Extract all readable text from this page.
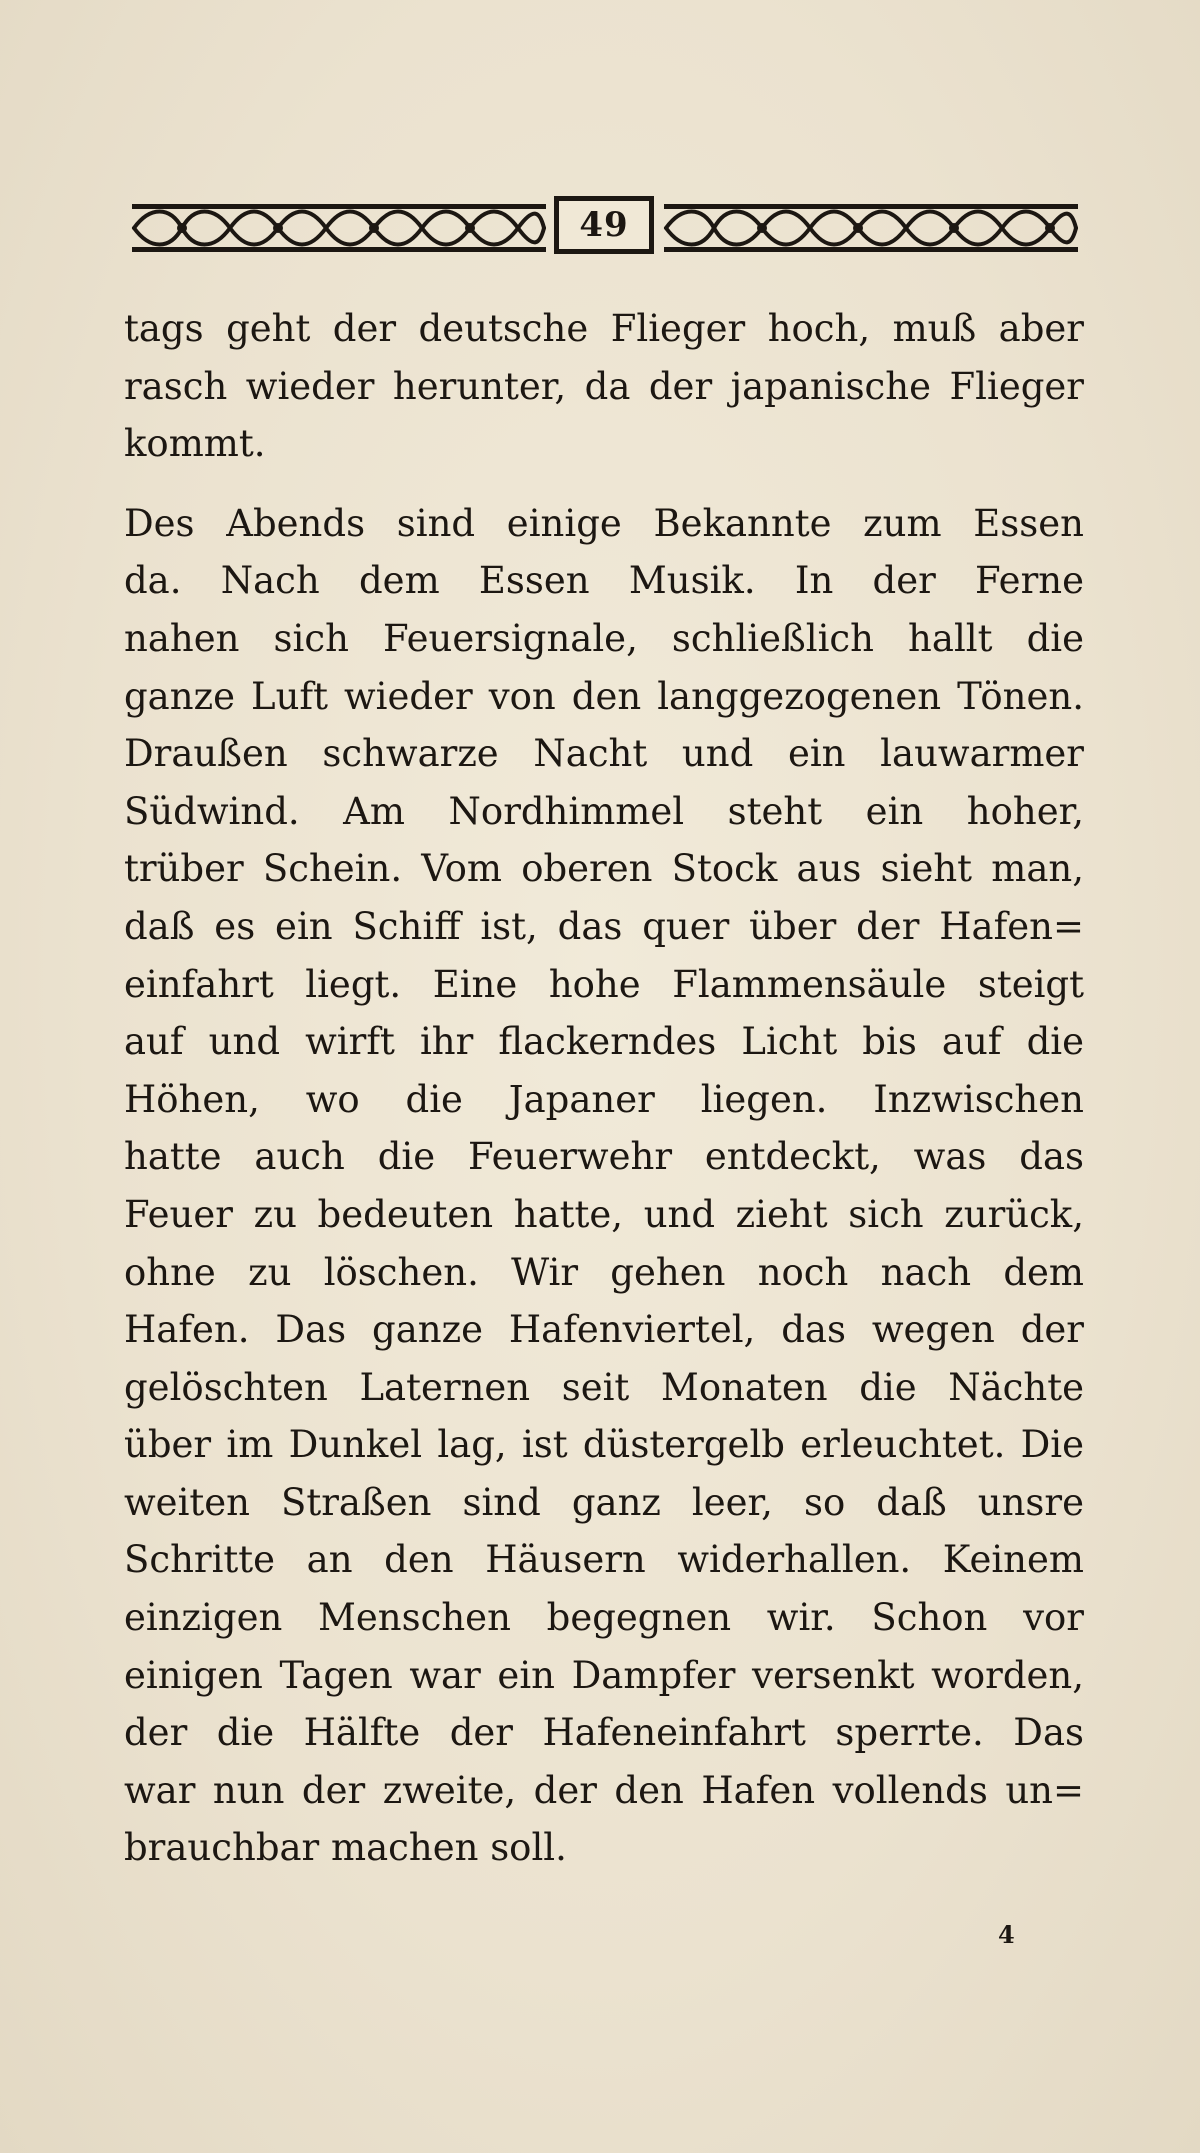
49
tags geht der deutsche Flieger hoch, muß aber
rasch wieder herunter, da der japanische Flieger
kommt.
Des Abends sind einige Bekannte zum Essen
da. Nach dem Essen Musik. In der Ferne
nahen sich Feuersignale, schließlich hallt die
ganze Luft wieder von den langgezogenen Tönen.
Draußen schwarze Nacht und ein lauwarmer
Südwind. Am Nordhimmel steht ein hoher,
trüber Schein. Vom oberen Stock aus sieht man,
daß es ein Schiff ist, das quer über der Hafen=
einfahrt liegt. Eine hohe Flammensäule steigt
auf und wirft ihr flackerndes Licht bis auf die
Höhen, wo die Japaner liegen. Inzwischen
hatte auch die Feuerwehr entdeckt, was das
Feuer zu bedeuten hatte, und zieht sich zurück,
ohne zu löschen. Wir gehen noch nach dem
Hafen. Das ganze Hafenviertel, das wegen der
gelöschten Laternen seit Monaten die Nächte
über im Dunkel lag, ist düstergelb erleuchtet. Die
weiten Straßen sind ganz leer, so daß unsre
Schritte an den Häusern widerhallen. Keinem
einzigen Menschen begegnen wir. Schon vor
einigen Tagen war ein Dampfer versenkt worden,
der die Hälfte der Hafeneinfahrt sperrte. Das
war nun der zweite, der den Hafen vollends un=
brauchbar machen soll.
4
